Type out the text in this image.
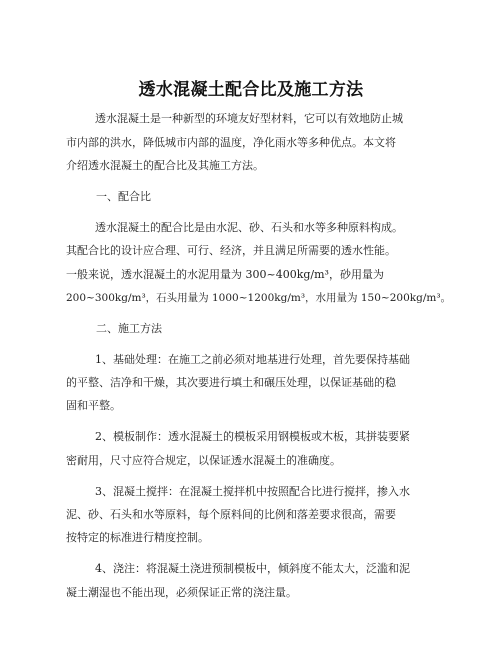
透水混凝土配合比及施工方法
透水混凝土是一种新型的环境友好型材料，它可以有效地防止城
市内部的洪水，降低城市内部的温度，净化雨水等多种优点。本文将
介绍透水混凝土的配合比及其施工方法。
一、配合比
透水混凝土的配合比是由水泥、砂、石头和水等多种原料构成。
其配合比的设计应合理、可行、经济，并且满足所需要的透水性能。
一般来说，透水混凝土的水泥用量为 300~400kg/m³，砂用量为
200~300kg/m³，石头用量为 1000~1200kg/m³，水用量为 150~200kg/m³。
二、施工方法
1、基础处理：在施工之前必须对地基进行处理，首先要保持基础
的平整、洁净和干燥，其次要进行填土和碾压处理，以保证基础的稳
固和平整。
2、模板制作：透水混凝土的模板采用钢模板或木板，其拼装要紧
密耐用，尺寸应符合规定，以保证透水混凝土的准确度。
3、混凝土搅拌：在混凝土搅拌机中按照配合比进行搅拌，掺入水
泥、砂、石头和水等原料，每个原料间的比例和落差要求很高，需要
按特定的标准进行精度控制。
4、浇注：将混凝土浇进预制模板中，倾斜度不能太大，泛滥和泥
凝土潮湿也不能出现，必须保证正常的浇注量。
